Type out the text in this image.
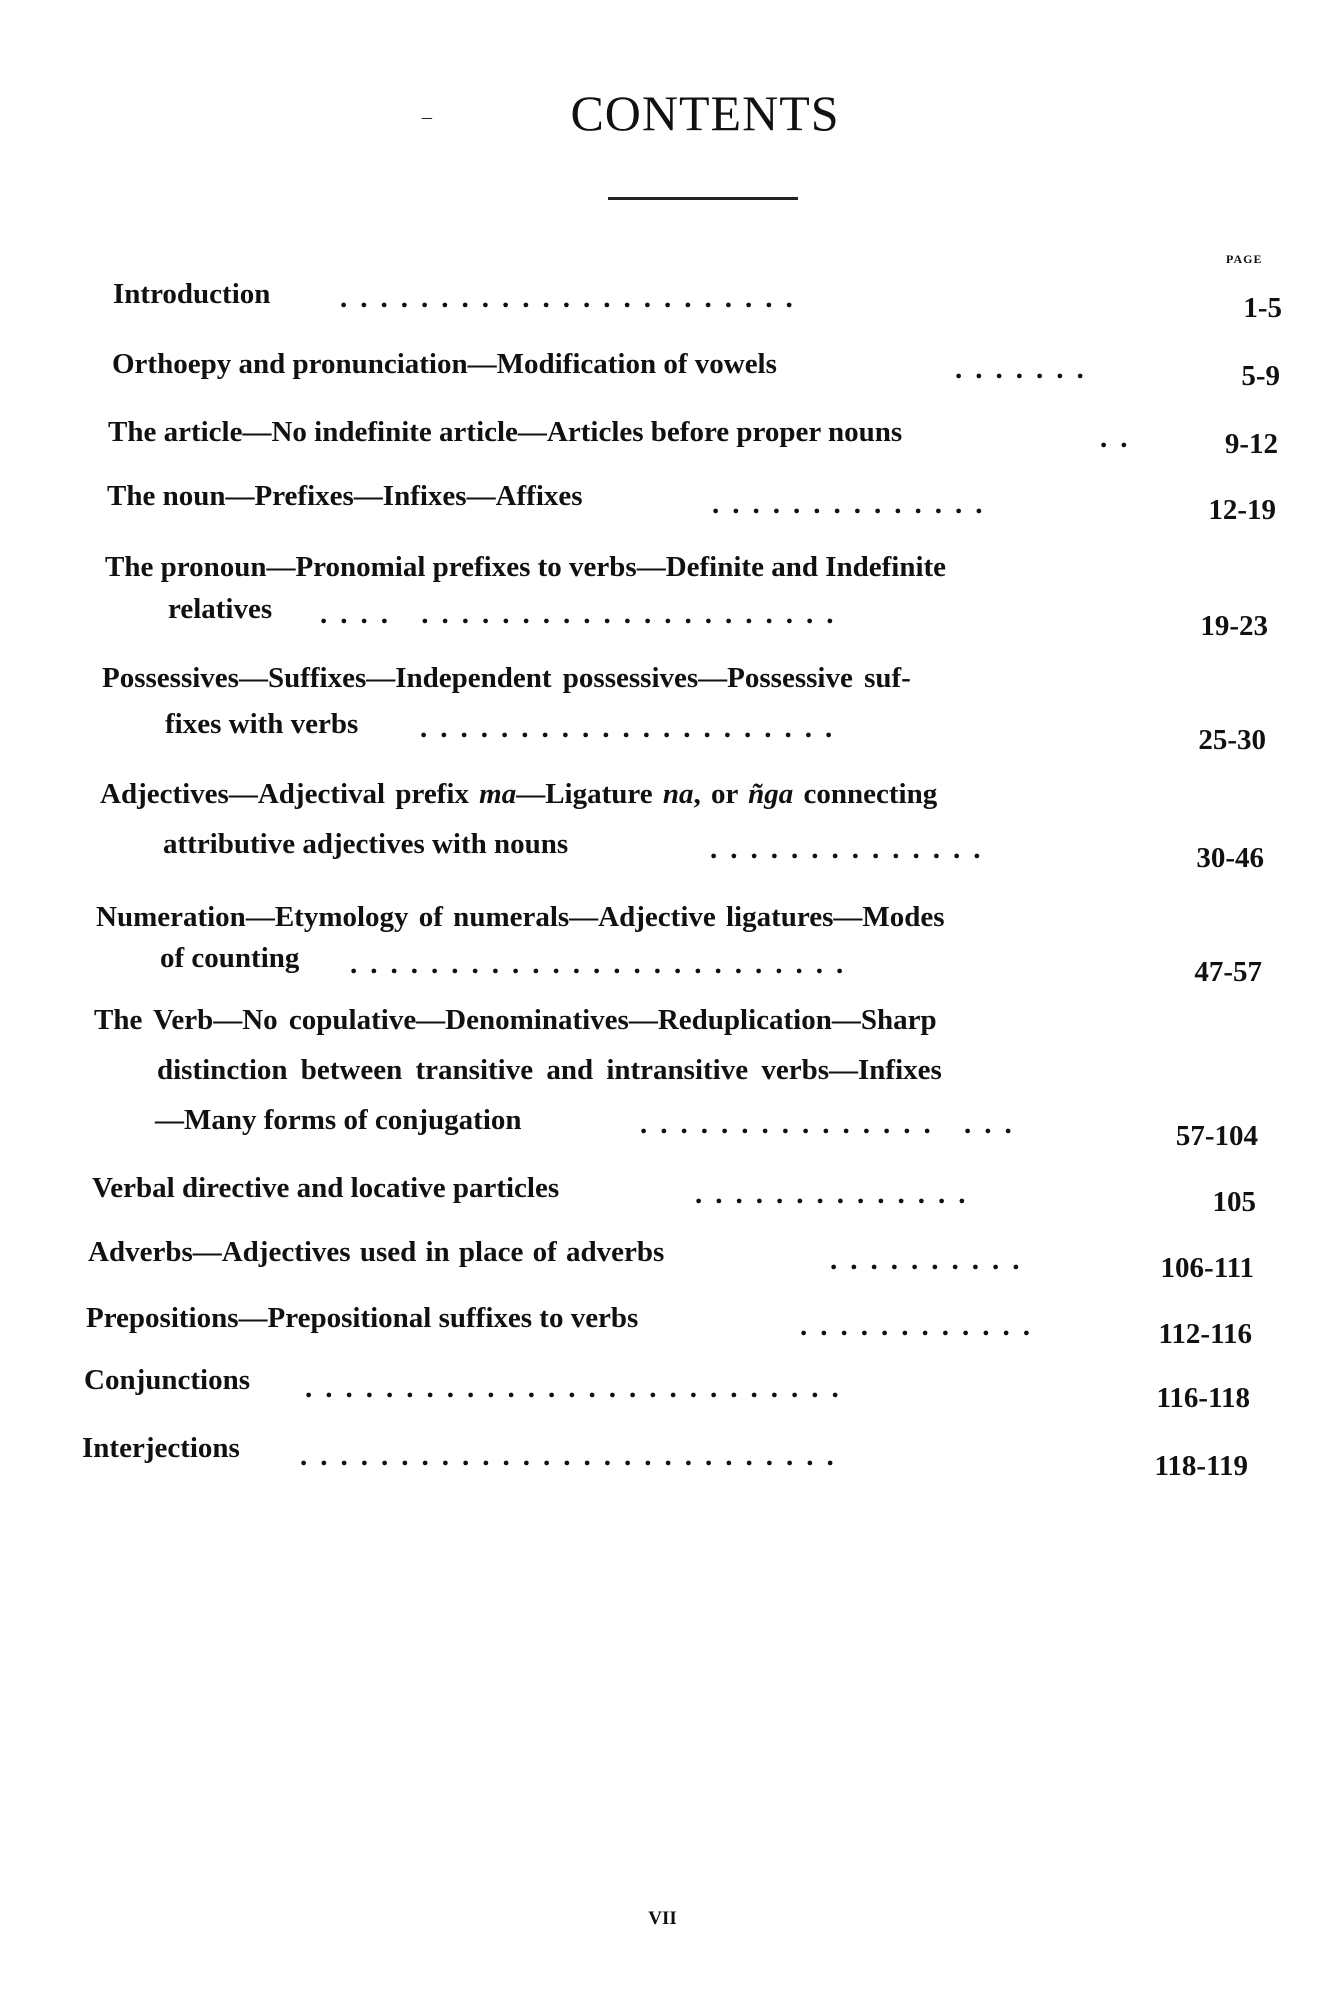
–	CONTENTS
PAGE
Introduction .......................	1-5
Orthoepy and pronunciation—Modification of vowels	.......	5-9
The article—No indefinite article—Articles before proper nouns	..	9-12
The noun—Prefixes—Infixes—Affixes	..............	12-19
The pronoun—Pronomial prefixes to verbs—Definite and Indefinite
relatives .... .....................	19-23
Possessives—Suffixes—Independent possessives—Possessive suf-
fixes with verbs .....................	25-30
Adjectives—Adjectival prefix ma—Ligature na, or ñga connecting
attributive adjectives with nouns	..............	30-46
Numeration—Etymology of numerals—Adjective ligatures—Modes
of counting .........................	47-57
The Verb—No copulative—Denominatives—Reduplication—Sharp
distinction between transitive and intransitive verbs—Infixes
—Many forms of conjugation	............... ...	57-104
Verbal directive and locative particles	..............	105
Adverbs—Adjectives used in place of adverbs	..........	106-111
Prepositions—Prepositional suffixes to verbs	............	112-116
Conjunctions ...........................	116-118
Interjections ...........................	118-119
VII
